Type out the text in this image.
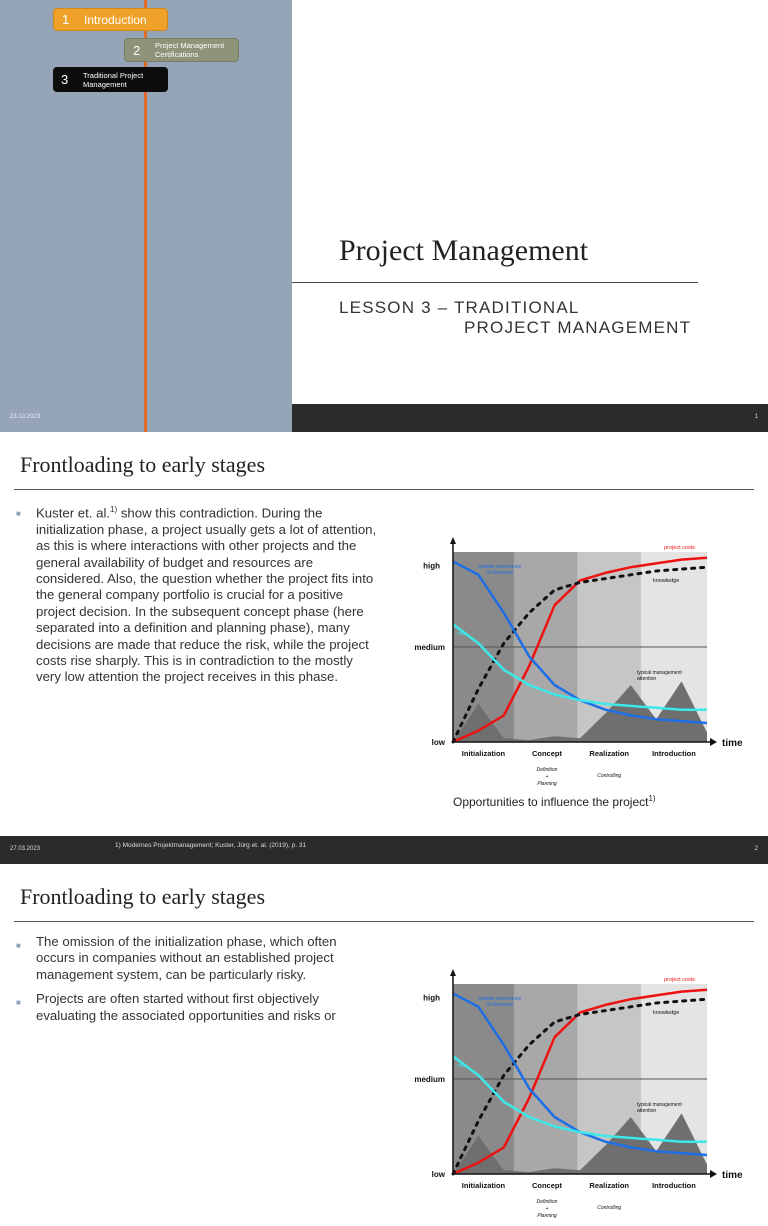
1	Introduction
2	Project Management Certifications
3	Traditional Project Management
Project Management
LESSON 3 – TRADITIONAL
PROJECT MANAGEMENT
23.10.2023	1
Frontloading to early stages
■	Kuster et. al.$^{1)}$ show this contradiction. During the initialization phase, a project usually gets a lot of attention, as this is where interactions with other projects and the general availability of budget and resources are considered. Also, the question whether the project fits into the general company portfolio is crucial for a positive project decision. In the subsequent concept phase (here separated into a definition and planning phase), many decisions are made that reduce the risk, while the project costs rise sharply. This is in contradiction to the mostly very low attention the project receives in this phase.
high
medium
low	time
Initialization	Concept	Realization	Introduction
Definition
+
Planning
Controlling
project costs
knowledge
relative importance
of decisions
risk
typical management
attention
Opportunities to influence the project$^{1)}$
27.03.2023	1) Modernes Projektmanagement; Kuster, Jürg et. al. (2019), p. 31	2
Frontloading to early stages
■	The omission of the initialization phase, which often occurs in companies without an established project management system, can be particularly risky.
■	Projects are often started without first objectively evaluating the associated opportunities and risks or
high
medium
low	time
Initialization	Concept	Realization	Introduction
Definition
+
Planning
Controlling
project costs
knowledge
relative importance
of decisions
risk
typical management
attention
